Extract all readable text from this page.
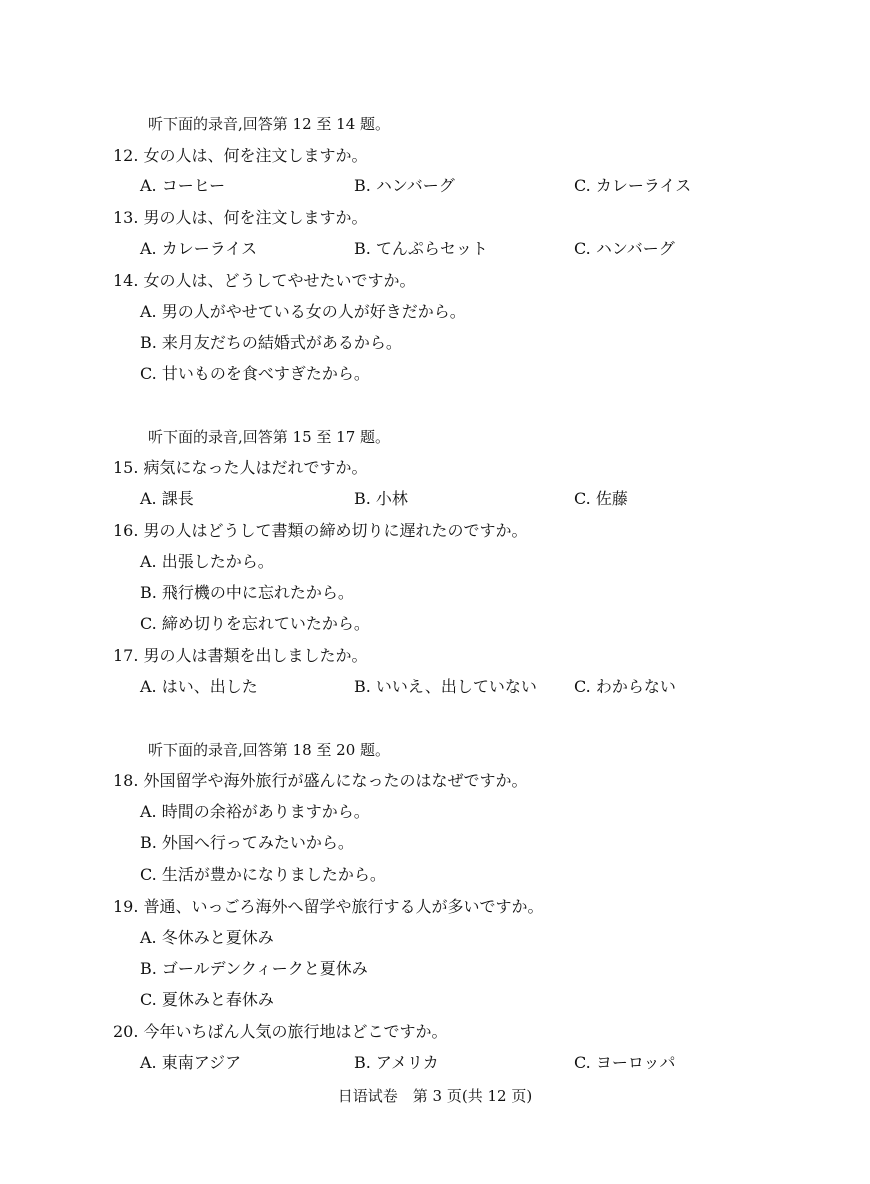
听下面的录音,回答第 12 至 14 题。
12. 女の人は、何を注文しますか。
A. コーヒー	B. ハンバーグ	C. カレーライス
13. 男の人は、何を注文しますか。
A. カレーライス	B. てんぷらセット	C. ハンバーグ
14. 女の人は、どうしてやせたいですか。
A. 男の人がやせている女の人が好きだから。
B. 来月友だちの結婚式があるから。
C. 甘いものを食べすぎたから。
听下面的录音,回答第 15 至 17 题。
15. 病気になった人はだれですか。
A. 課長	B. 小林	C. 佐藤
16. 男の人はどうして書類の締め切りに遅れたのですか。
A. 出張したから。
B. 飛行機の中に忘れたから。
C. 締め切りを忘れていたから。
17. 男の人は書類を出しましたか。
A. はい、出した	B. いいえ、出していない C. わからない
听下面的录音,回答第 18 至 20 题。
18. 外国留学や海外旅行が盛んになったのはなぜですか。
A. 時間の余裕がありますから。
B. 外国へ行ってみたいから。
C. 生活が豊かになりましたから。
19. 普通、いっごろ海外へ留学や旅行する人が多いですか。
A. 冬休みと夏休み
B. ゴールデンクィークと夏休み
C. 夏休みと春休み
20. 今年いちばん人気の旅行地はどこですか。
A. 東南アジア	B. アメリカ	C. ヨーロッパ
日语试卷　第 3 页(共 12 页)
